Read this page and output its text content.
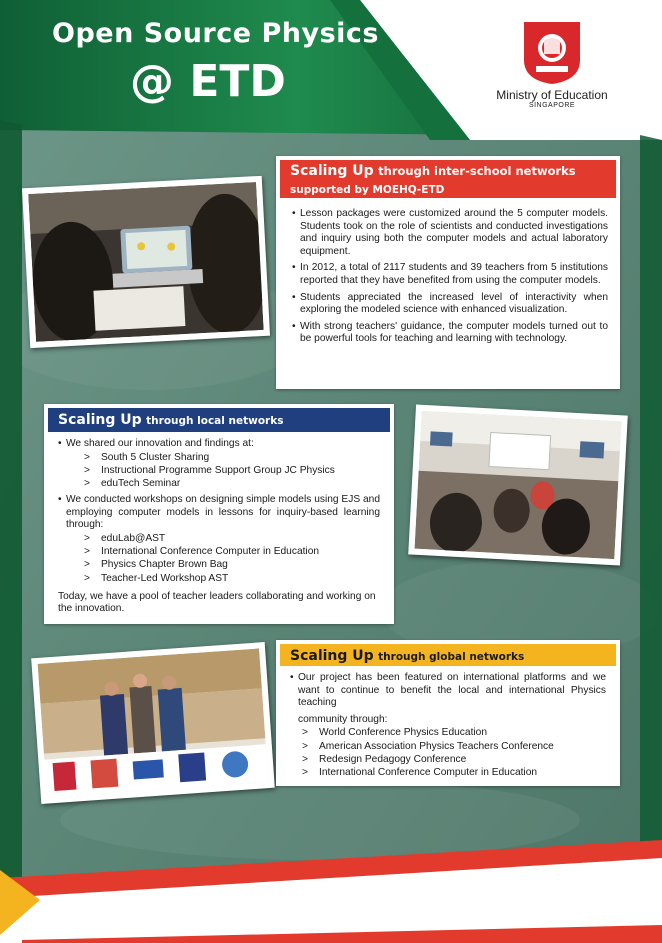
Open Source Physics
@ ETD	Ministry of Education
SINGAPORE
Scaling Up through inter-school networks
supported by MOEHQ-ETD
• Lesson packages were customized around the 5 computer models. Students took on the role of scientists and conducted investigations and inquiry using both the computer models and actual laboratory equipment.
• In 2012, a total of 2117 students and 39 teachers from 5 institutions reported that they have benefited from using the computer models.
• Students appreciated the increased level of interactivity when exploring the modeled science with enhanced visualization.
• With strong teachers' guidance, the computer models turned out to be powerful tools for teaching and learning with technology.
Scaling Up through local networks
• We shared our innovation and findings at:
> South 5 Cluster Sharing
> Instructional Programme Support Group JC Physics
> eduTech Seminar
• We conducted workshops on designing simple models using EJS and employing computer models in lessons for inquiry-based learning through:
> eduLab@AST
> International Conference Computer in Education
> Physics Chapter Brown Bag
> Teacher-Led Workshop AST
Today, we have a pool of teacher leaders collaborating and working on the innovation.
Scaling Up through global networks
• Our project has been featured on international platforms and we want to continue to benefit the local and international Physics teaching
community through:
> World Conference Physics Education
> American Association Physics Teachers Conference
> Redesign Pedagogy Conference
> International Conference Computer in Education
